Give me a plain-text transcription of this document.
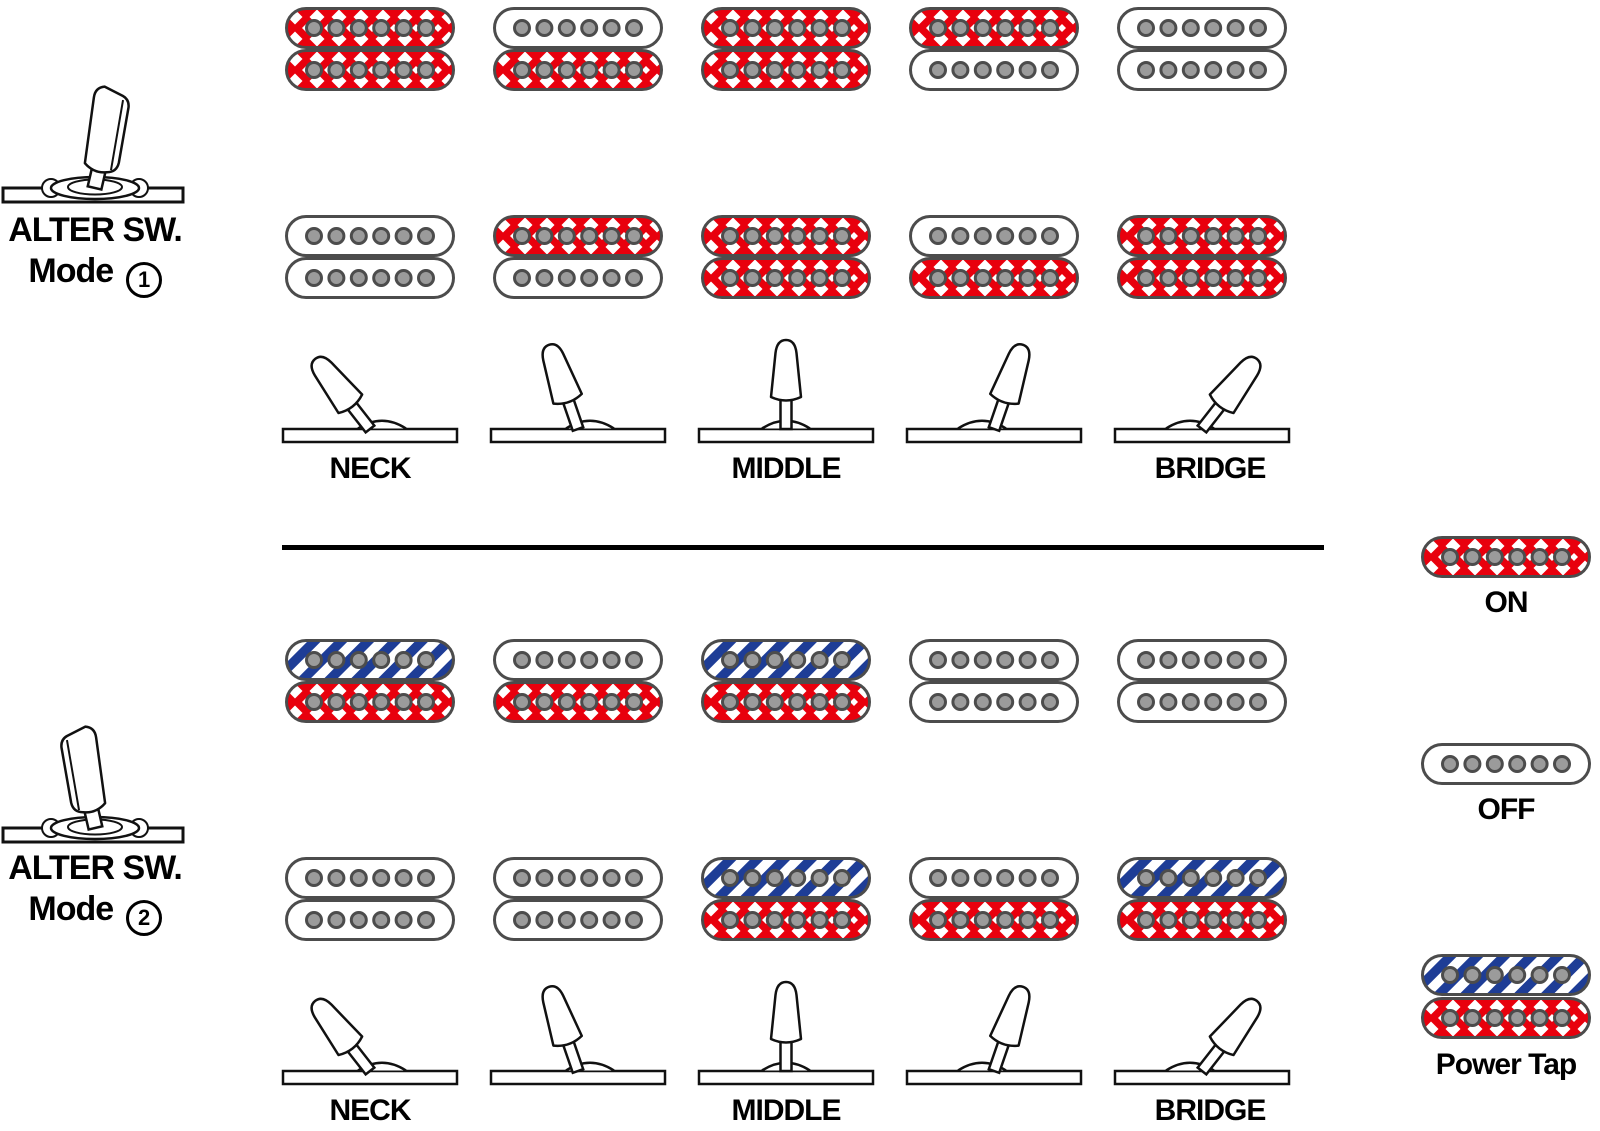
ALTER SW.
Mode 1
ALTER SW.
Mode 2
NECK	MIDDLE	BRIDGE
NECK	MIDDLE	BRIDGE
ON
OFF
Power Tap
